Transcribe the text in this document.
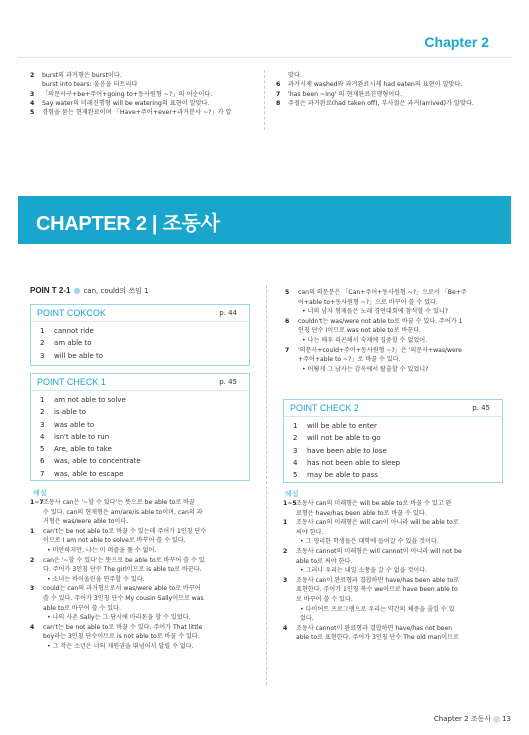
Chapter 2
2 burst의 과거형은 burst이다.
burst into tears: 울음을 터트리다
3 「의문사구+be+주어+going to+동사원형 ~?」의 어순이다.
4 Say water의 미래진행형 will be watering의 표현이 알맞다.
5 경험을 묻는 현재완료이며 「Have+주어+ever+과거분사 ~?」가 알
맞다.
6 과거시제 washed와 과거완료시제 had eaten의 표현이 알맞다.
7 'has been ~ing' 의 현재완료진행형이다.
8 주절은 과거완료(had taken off), 부사절은 과거(arrived)가 알맞다.
CHAPTER 2 | 조동사
POIN T 2-1 can, could의 쓰임 1
POINT COKCOK	p. 44
1 cannot ride
2 am able to
3 will be able to
POINT CHECK 1	p. 45
1 am not able to solve
2 is able to
3 was able to
4 isn't able to run
5 Are, able to take
6 was, able to concentrate
7 was, able to escape
해설
1~7조동사 can은 '~할 수 있다'는 뜻으로 be able to로 바꿀
수 있다. can의 현재형은 am/are/is able to이며, can의 과
거형은 was/were able to이다.
1 can't는 be not able to로 바꿀 수 있는데 주어가 1인칭 단수
이므로 I am not able to solve로 바꾸어 쓸 수 있다.
• 미안하지만, 나는 이 퍼즐을 풀 수 없어.
2 can은 '~할 수 있다'는 뜻으로 be able to로 바꾸어 쓸 수 있
다. 주어가 3인칭 단수 The girl이므로 is able to로 바꾼다.
• 소녀는 바이올린을 연주할 수 있다.
3 could는 can의 과거형으로서 was/were able to로 바꾸어
쓸 수 있다. 주어가 3인칭 단수 My cousin Sally이므로 was
able to로 바꾸어 쓸 수 있다.
• 나의 사촌 Sally는 그 당시에 마라톤을 할 수 있었다.
4 can't는 be not able to로 바꿀 수 있다. 주어가 That little
boy라는 3인칭 단수이므로 is not able to로 바꿀 수 있다.
• 그 작은 소년은 너의 재원권을 뛰넘어서 달릴 수 없다.
5 can의 의문문은 「Can+주어+동사원형 ~?」으로서 「Be+주
어+able to+동사원형 ~?」으로 바꾸어 쓸 수 있다.
• 너의 남자 형제들은 노래 경연대회에 참석할 수 있니?
6 couldn't는 was/were not able to로 바꿀 수 있다. 주어가 1
인칭 단수 I이므로 was not able to로 바꾼다.
• 나는 매우 피곤해서 숙제에 집중할 수 없었어.
7 '의문사+could+주어+동사원형 ~?」은 '의문사+was/were
+주어+able to ~?」로 바꿀 수 있다.
• 어떻게 그 남자는 감옥에서 탈출할 수 있었니?
POINT CHECK 2	p. 45
1 will be able to enter
2 will not be able to go
3 have been able to lose
4 has not been able to sleep
5 may be able to pass
해설
1~5조동사 can의 미래형은 will be able to로 바꿀 수 있고 완
료형은 have/has been able to로 바꿀 수 있다.
1 조동사 can의 미래형은 will can이 아니라 will be able to로
써야 한다.
• 그 영리한 학생들은 대학에 들어갈 수 있을 것이다.
2 조동사 cannot의 미래형은 will cannot이 아니라 will not be
able to로 써야 한다.
• 그러나 우리는 내일 소풍을 갈 수 없을 것이다.
3 조동사 can이 완료형과 결합하면 have/has been able to로
표현한다. 주어가 1인칭 복수 we이므로 have been able to
로 바꾸어 쓸 수 있다.
• 다이어트 프로그램으로 우리는 약간의 체중을 줄일 수 있
었다.
4 조동사 cannot이 완료형과 결합하면 have/has not been
able to로 표현한다. 주어가 3인칭 단수 The old man이므로
Chapter 2 조동사 13
